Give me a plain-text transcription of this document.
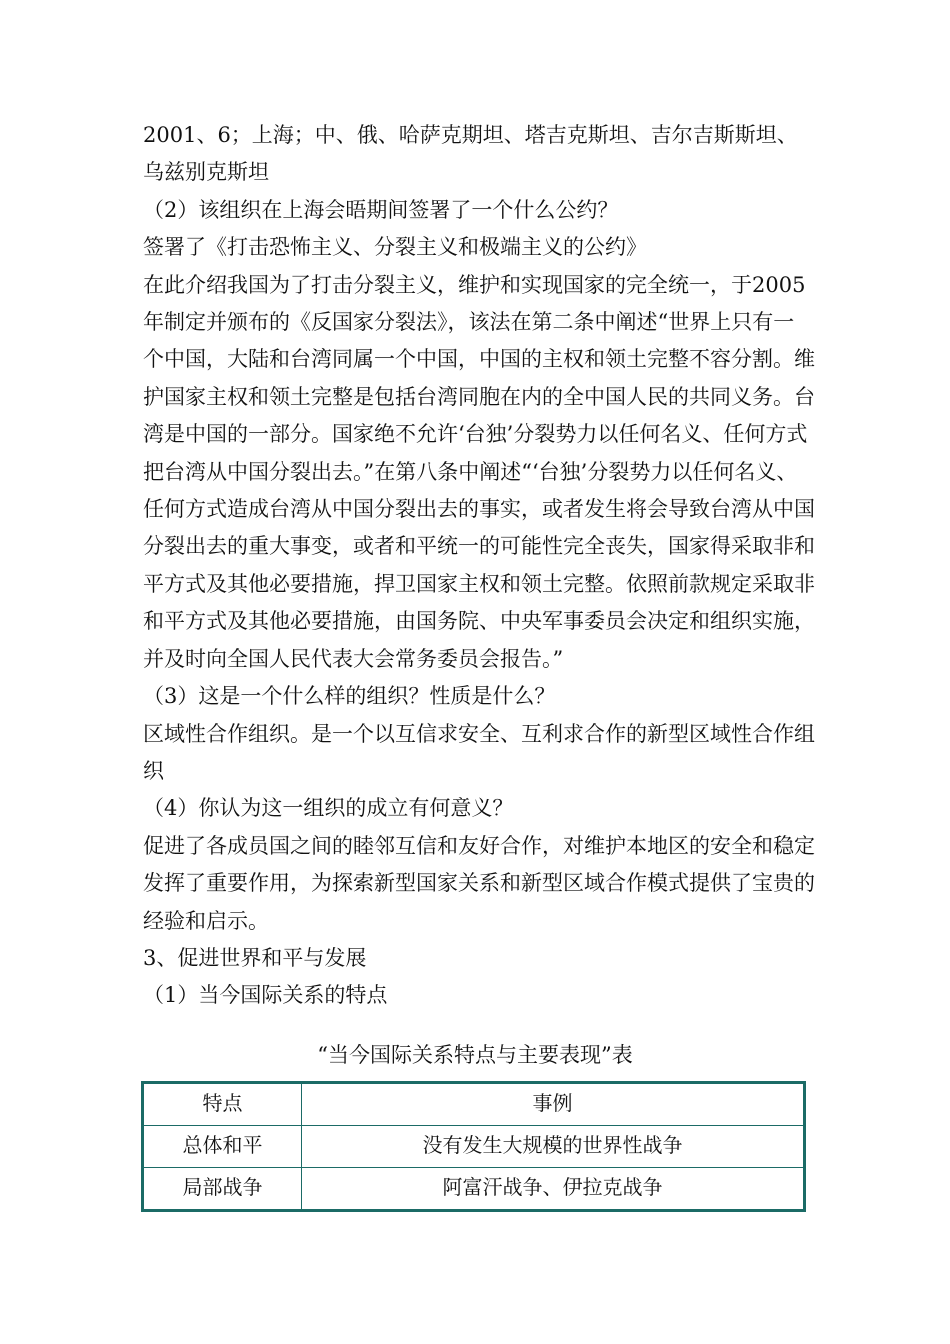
2001、6；上海；中、俄、哈萨克期坦、塔吉克斯坦、吉尔吉斯斯坦、乌兹别克斯坦

（2）该组织在上海会晤期间签署了一个什么公约？

签署了《打击恐怖主义、分裂主义和极端主义的公约》

在此介绍我国为了打击分裂主义，维护和实现国家的完全统一，于2005年制定并颁布的《反国家分裂法》，该法在第二条中阐述“世界上只有一个中国，大陆和台湾同属一个中国，中国的主权和领土完整不容分割。维护国家主权和领土完整是包括台湾同胞在内的全中国人民的共同义务。台湾是中国的一部分。国家绝不允许‘台独’分裂势力以任何名义、任何方式把台湾从中国分裂出去。”在第八条中阐述“‘台独’分裂势力以任何名义、任何方式造成台湾从中国分裂出去的事实，或者发生将会导致台湾从中国分裂出去的重大事变，或者和平统一的可能性完全丧失，国家得采取非和平方式及其他必要措施，捍卫国家主权和领土完整。依照前款规定采取非和平方式及其他必要措施，由国务院、中央军事委员会决定和组织实施，并及时向全国人民代表大会常务委员会报告。”

（3）这是一个什么样的组织？性质是什么？

区域性合作组织。是一个以互信求安全、互利求合作的新型区域性合作组织

（4）你认为这一组织的成立有何意义？

促进了各成员国之间的睦邻互信和友好合作，对维护本地区的安全和稳定发挥了重要作用，为探索新型国家关系和新型区域合作模式提供了宝贵的经验和启示。

3、促进世界和平与发展

（1）当今国际关系的特点

“当今国际关系特点与主要表现”表
特点	事例
总体和平	没有发生大规模的世界性战争
局部战争	阿富汗战争、伊拉克战争
